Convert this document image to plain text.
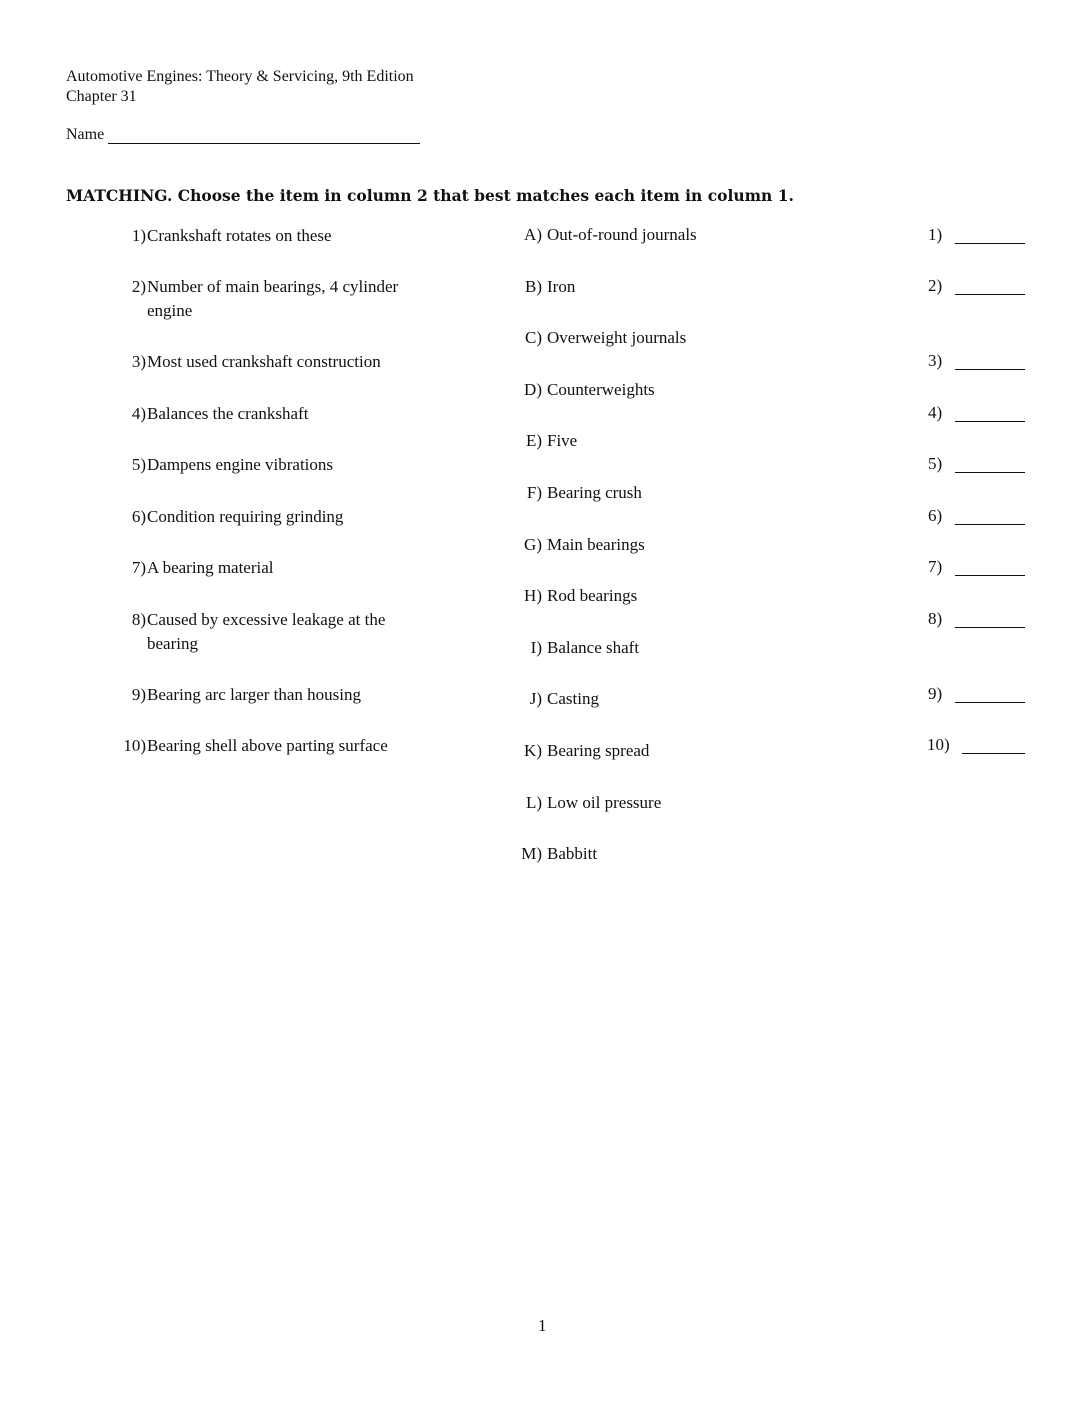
Automotive Engines: Theory & Servicing, 9th Edition
Chapter 31
Name
MATCHING. Choose the item in column 2 that best matches each item in column 1.
1)Crankshaft rotates on these
2)Number of main bearings, 4 cylinder
engine
3)Most used crankshaft construction
4)Balances the crankshaft
5)Dampens engine vibrations
6)Condition requiring grinding
7)A bearing material
8)Caused by excessive leakage at the
bearing
9)Bearing arc larger than housing
10)Bearing shell above parting surface
A) Out-of-round journals
B) Iron
C) Overweight journals
D) Counterweights
E) Five
F) Bearing crush
G) Main bearings
H) Rod bearings
I) Balance shaft
J) Casting
K) Bearing spread
L) Low oil pressure
M) Babbitt
1)
2)
3)
4)
5)
6)
7)
8)
9)
10)
1
